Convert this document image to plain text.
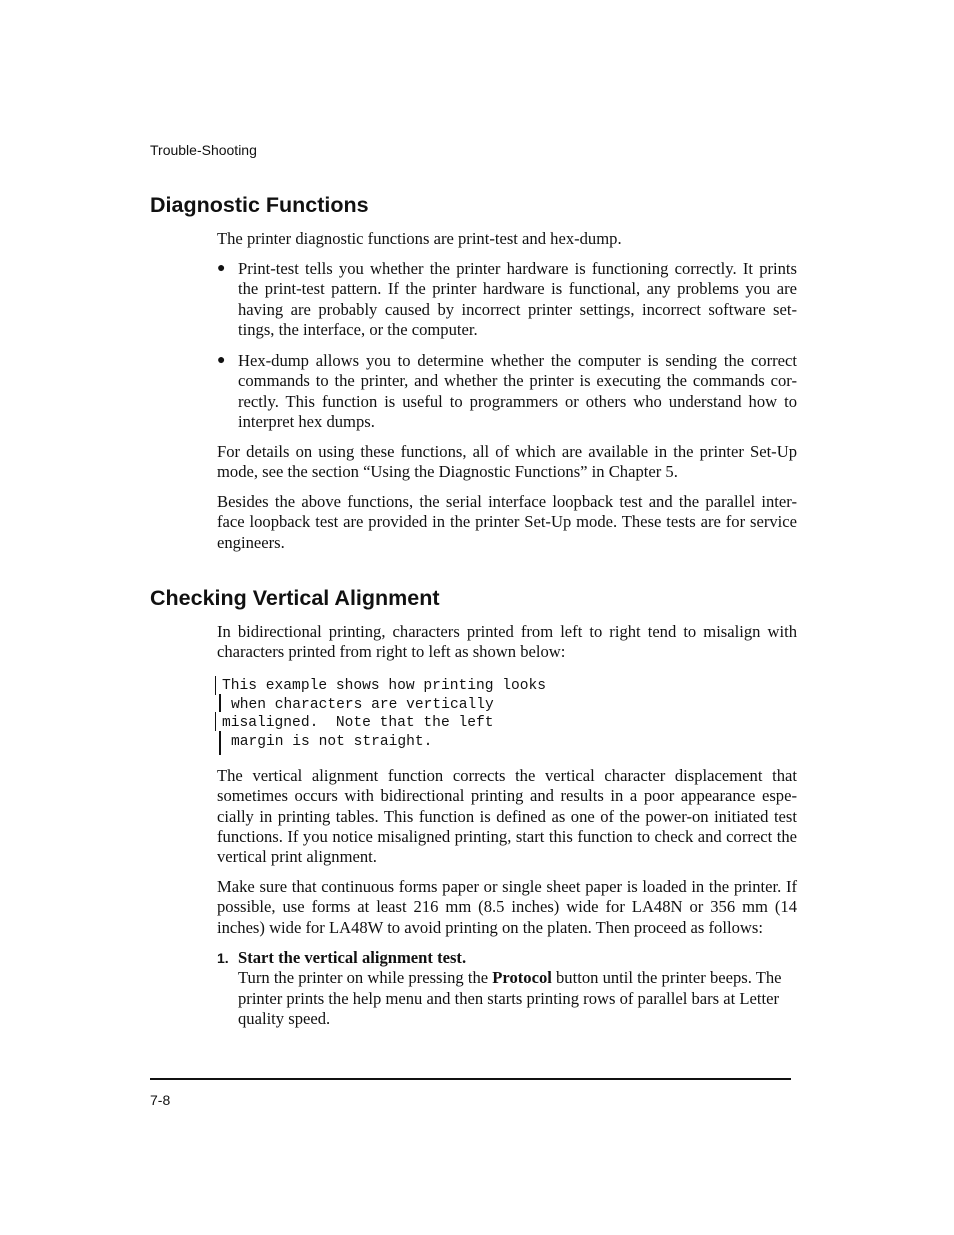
Trouble-Shooting
Diagnostic Functions

The printer diagnostic functions are print-test and hex-dump.

● Print-test tells you whether the printer hardware is functioning correctly. It prints the print-test pattern. If the printer hardware is functional, any problems you are having are probably caused by incorrect printer settings, incorrect software set-tings, the interface, or the computer.
● Hex-dump allows you to determine whether the computer is sending the correct commands to the printer, and whether the printer is executing the commands cor-rectly. This function is useful to programmers or others who understand how to interpret hex dumps.

For details on using these functions, all of which are available in the printer Set-Up mode, see the section “Using the Diagnostic Functions” in Chapter 5.

Besides the above functions, the serial interface loopback test and the parallel inter-face loopback test are provided in the printer Set-Up mode. These tests are for service engineers.

Checking Vertical Alignment

In bidirectional printing, characters printed from left to right tend to misalign with characters printed from right to left as shown below:

This example shows how printing looks
when characters are vertically
misaligned.  Note that the left
margin is not straight.

The vertical alignment function corrects the vertical character displacement that sometimes occurs with bidirectional printing and results in a poor appearance espe-cially in printing tables. This function is defined as one of the power-on initiated test functions. If you notice misaligned printing, start this function to check and correct the vertical print alignment.

Make sure that continuous forms paper or single sheet paper is loaded in the printer. If possible, use forms at least 216 mm (8.5 inches) wide for LA48N or 356 mm (14 inches) wide for LA48W to avoid printing on the platen. Then proceed as follows:

1. Start the vertical alignment test.
Turn the printer on while pressing the Protocol button until the printer beeps. The printer prints the help menu and then starts printing rows of parallel bars at Letter quality speed.
7-8
